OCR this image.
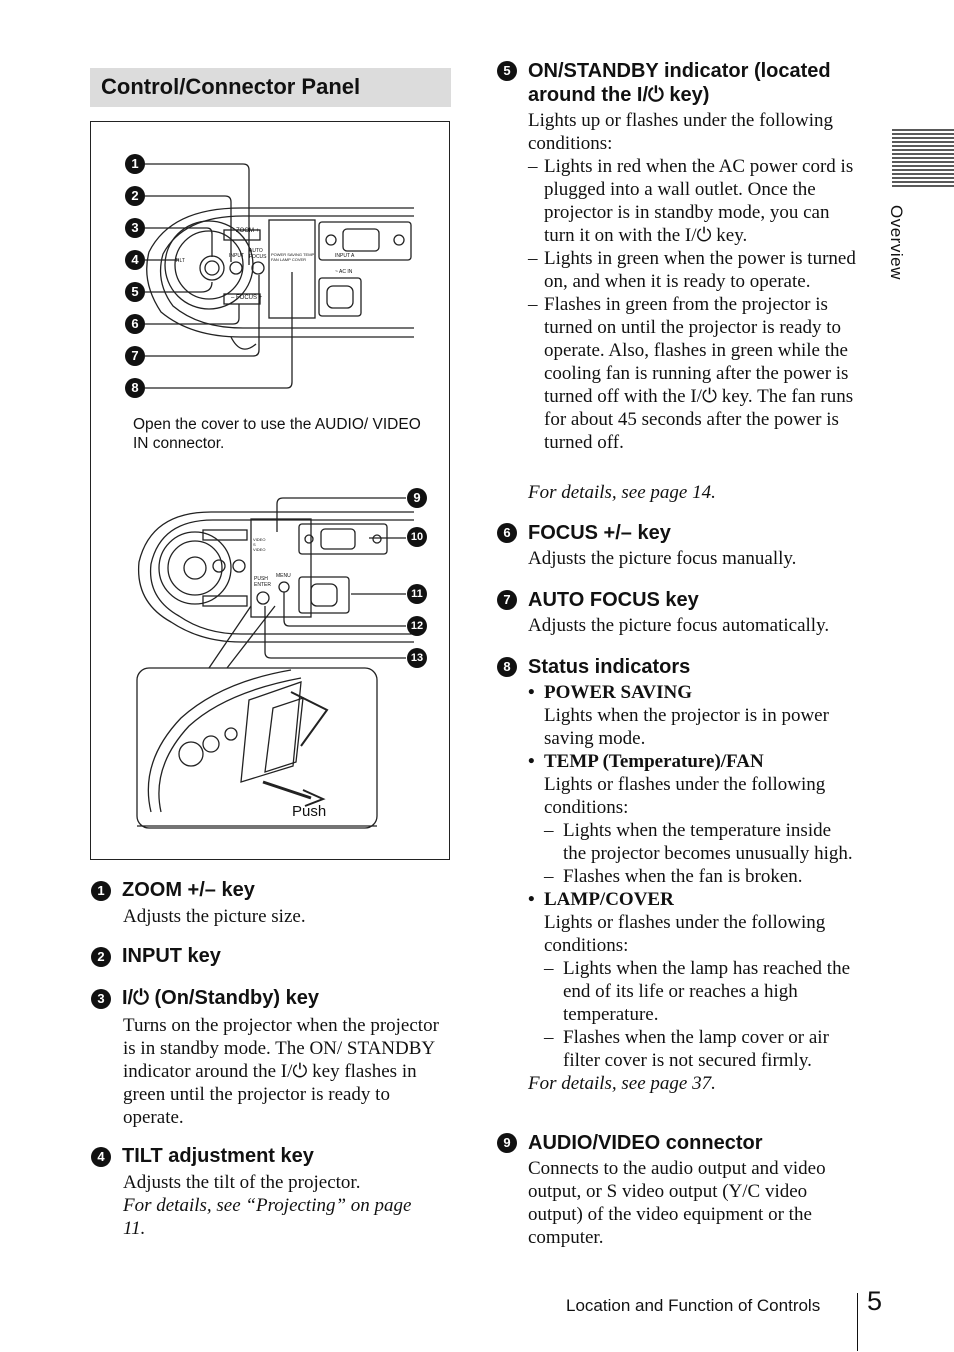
Control/Connector Panel
1
2
3
4
5
6
7
8
9
10
11
12
13
– ZOOM +
– FOCUS +
INPUT
AUTO FOCUS	POWER SAVING TEMP FAN LAMP COVER
INPUT A
~ AC IN
TILT
VIDEO S VIDEO
MENU
PUSH ENTER
Open the cover to use the AUDIO/ VIDEO IN connector.
Push
1 ZOOM +/– key
Adjusts the picture size.
2 INPUT key
3 I/⏻ (On/Standby) key
Turns on the projector when the projector is in standby mode. The ON/ STANDBY indicator around the I/⏻ key flashes in green until the projector is ready to operate.
4 TILT adjustment key

Adjusts the tilt of the projector.

For details, see “Projecting” on page 11.

5 ON/STANDBY indicator (located

around the I/⏻ key)

Lights up or flashes under the following conditions:
– Lights in red when the AC power cord is plugged into a wall outlet. Once the projector is in standby mode, you can turn it on with the I/⏻ key.
– Lights in green when the power is turned on, and when it is ready to operate.
– Flashes in green from the projector is turned on until the projector is ready to operate. Also, flashes in green while the cooling fan is running after the power is turned off with the I/⏻ key. The fan runs for about 45 seconds after the power is turned off.
For details, see page 14.
6 FOCUS +/– key
Adjusts the picture focus manually.
7 AUTO FOCUS key
Adjusts the picture focus automatically.
8 Status indicators
• POWER SAVING
Lights when the projector is in power saving mode.
• TEMP (Temperature)/FAN
Lights or flashes under the following conditions:
– Lights when the temperature inside the projector becomes unusually high.
– Flashes when the fan is broken.
• LAMP/COVER
Lights or flashes under the following conditions:
– Lights when the lamp has reached the end of its life or reaches a high temperature.
– Flashes when the lamp cover or air filter cover is not secured firmly.
For details, see page 37.
9 AUDIO/VIDEO connector
Connects to the audio output and video output, or S video output (Y/C video output) of the video equipment or the computer.
Overview
Location and Function of Controls 5
